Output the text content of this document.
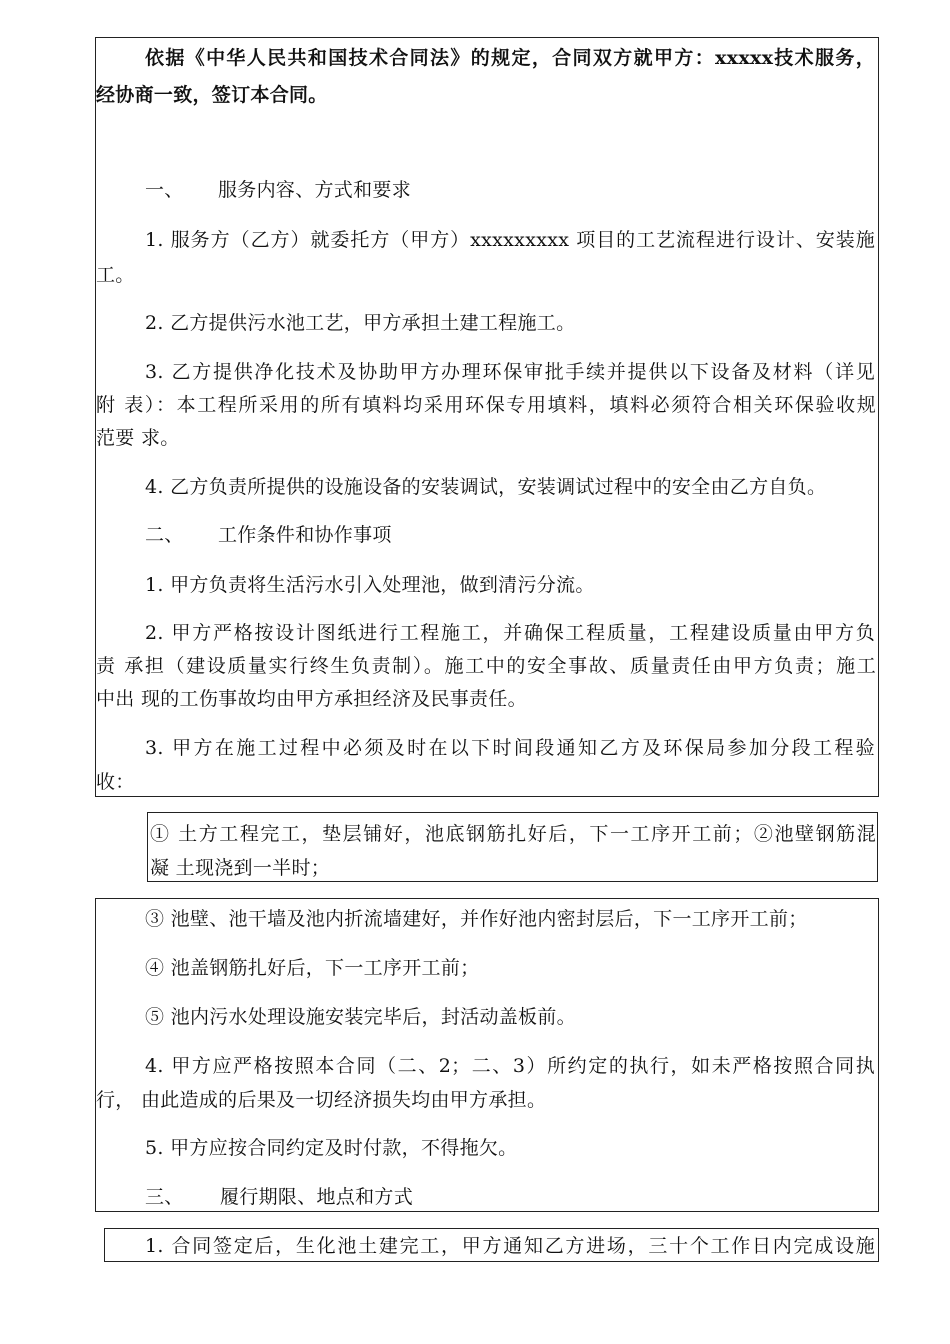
依据《中华人民共和国技术合同法》的规定，合同双方就甲方：xxxxx技术服务，
经协商一致，签订本合同。
一、 服务内容、方式和要求
1. 服务方（乙方）就委托方（甲方）xxxxxxxxx 项目的工艺流程进行设计、安装施
工。
2. 乙方提供污水池工艺，甲方承担土建工程施工。
3. 乙方提供净化技术及协助甲方办理环保审批手续并提供以下设备及材料（详见
附 表）：本工程所采用的所有填料均采用环保专用填料，填料必须符合相关环保验收规
范要 求。
4. 乙方负责所提供的设施设备的安装调试，安装调试过程中的安全由乙方自负。
二、 工作条件和协作事项
1. 甲方负责将生活污水引入处理池，做到清污分流。
2. 甲方严格按设计图纸进行工程施工，并确保工程质量，工程建设质量由甲方负
责 承担（建设质量实行终生负责制）。施工中的安全事故、质量责任由甲方负责；施工
中出 现的工伤事故均由甲方承担经济及民事责任。
3. 甲方在施工过程中必须及时在以下时间段通知乙方及环保局参加分段工程验
收：
① 土方工程完工，垫层铺好，池底钢筋扎好后，下一工序开工前；②池壁钢筋混
凝 土现浇到一半时；
③ 池壁、池干墙及池内折流墙建好，并作好池内密封层后，下一工序开工前；
④ 池盖钢筋扎好后，下一工序开工前；
⑤ 池内污水处理设施安装完毕后，封活动盖板前。
4. 甲方应严格按照本合同（二、2；二、3）所约定的执行，如未严格按照合同执
行， 由此造成的后果及一切经济损失均由甲方承担。
5. 甲方应按合同约定及时付款，不得拖欠。
三、 履行期限、地点和方式
1. 合同签定后，生化池土建完工，甲方通知乙方进场，三十个工作日内完成设施
